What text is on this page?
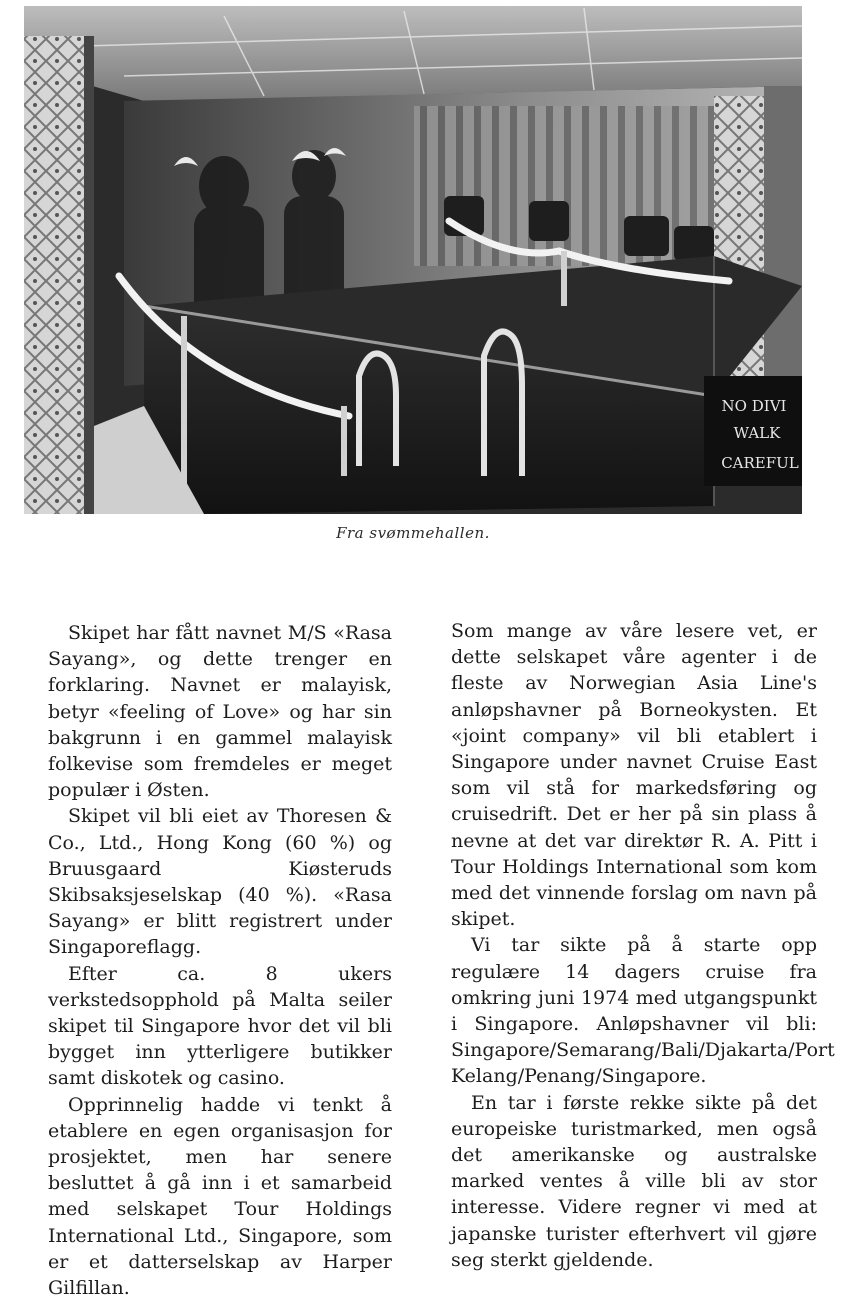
NO DIVI
WALK
CAREFUL
Fra svømmehallen.

Skipet har fått navnet M/S «Rasa Sayang», og dette trenger en forklaring. Navnet er malayisk, betyr «feeling of Love» og har sin bakgrunn i en gammel malayisk folkevise som fremdeles er meget populær i Østen.

Skipet vil bli eiet av Thoresen & Co., Ltd., Hong Kong (60 %) og Bruusgaard Kiøsteruds Skibsaksjeselskap (40 %). «Rasa Sayang» er blitt registrert under Singaporeflagg.

Efter ca. 8 ukers verkstedsopphold på Malta seiler skipet til Singapore hvor det vil bli bygget inn ytterligere butikker samt diskotek og casino.

Opprinnelig hadde vi tenkt å etablere en egen organisasjon for prosjektet, men har senere besluttet å gå inn i et samarbeid med selskapet Tour Holdings International Ltd., Singapore, som er et datterselskap av Harper Gilfillan.

Som mange av våre lesere vet, er dette selskapet våre agenter i de fleste av Norwegian Asia Line's anløpshavner på Borneokysten. Et «joint company» vil bli etablert i Singapore under navnet Cruise East som vil stå for markedsføring og cruisedrift. Det er her på sin plass å nevne at det var direktør R. A. Pitt i Tour Holdings International som kom med det vinnende forslag om navn på skipet.

Vi tar sikte på å starte opp regulære 14 dagers cruise fra omkring juni 1974 med utgangspunkt i Singapore. Anløpshavner vil bli: Singapore/Semarang/Bali/Djakarta/Port Kelang/Penang/Singapore.

En tar i første rekke sikte på det europeiske turistmarked, men også det amerikanske og australske marked ventes å ville bli av stor interesse. Videre regner vi med at japanske turister efterhvert vil gjøre seg sterkt gjeldende.
